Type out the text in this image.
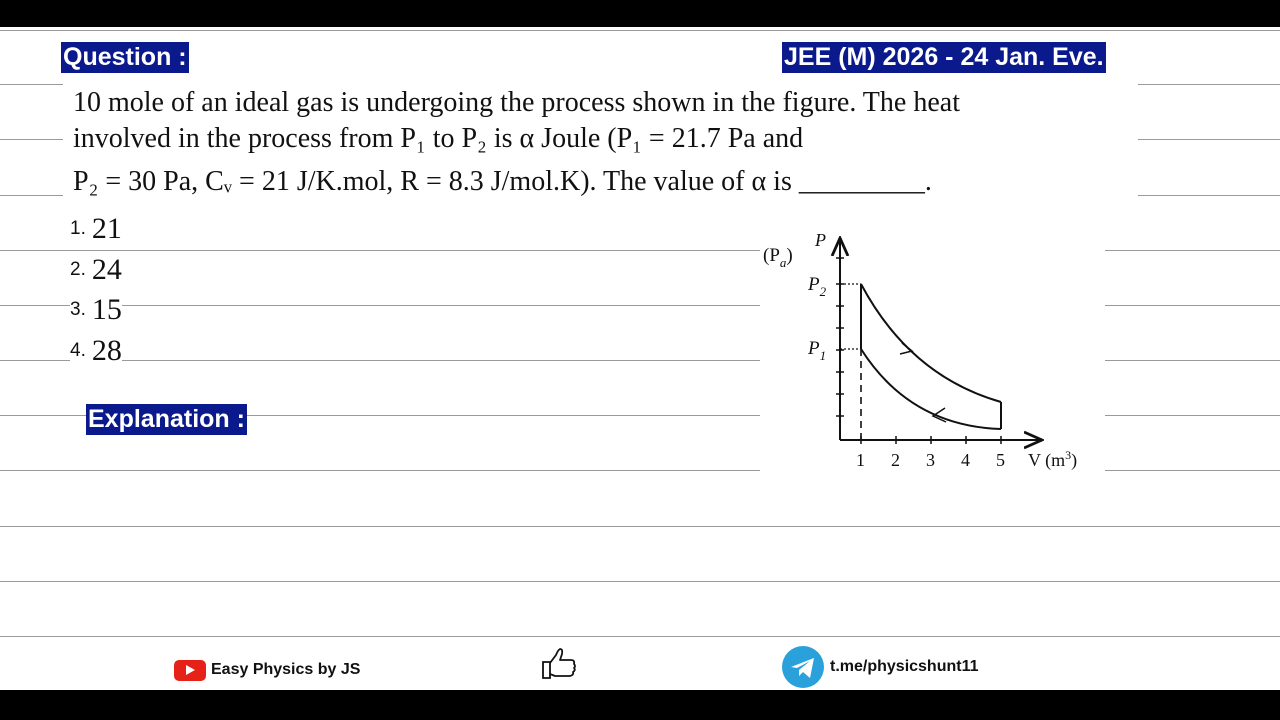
Question :	JEE (M) 2026 - 24 Jan. Eve.
10 mole of an ideal gas is undergoing the process shown in the figure. The heat
involved in the process from P₁ to P₂ is α Joule (P₁ = 21.7 Pa and
P₂ = 30 Pa, Cᵥ = 21 J/K.mol, R = 8.3 J/mol.K). The value of α is _________.
1. 21
2. 24
3. 15
4. 28
Explanation :
$(P_a)$
P
$P_2$
$P_1$
1 2 3 4 5 V $(m^3)$
Easy Physics by JS	t.me/physicshunt11
